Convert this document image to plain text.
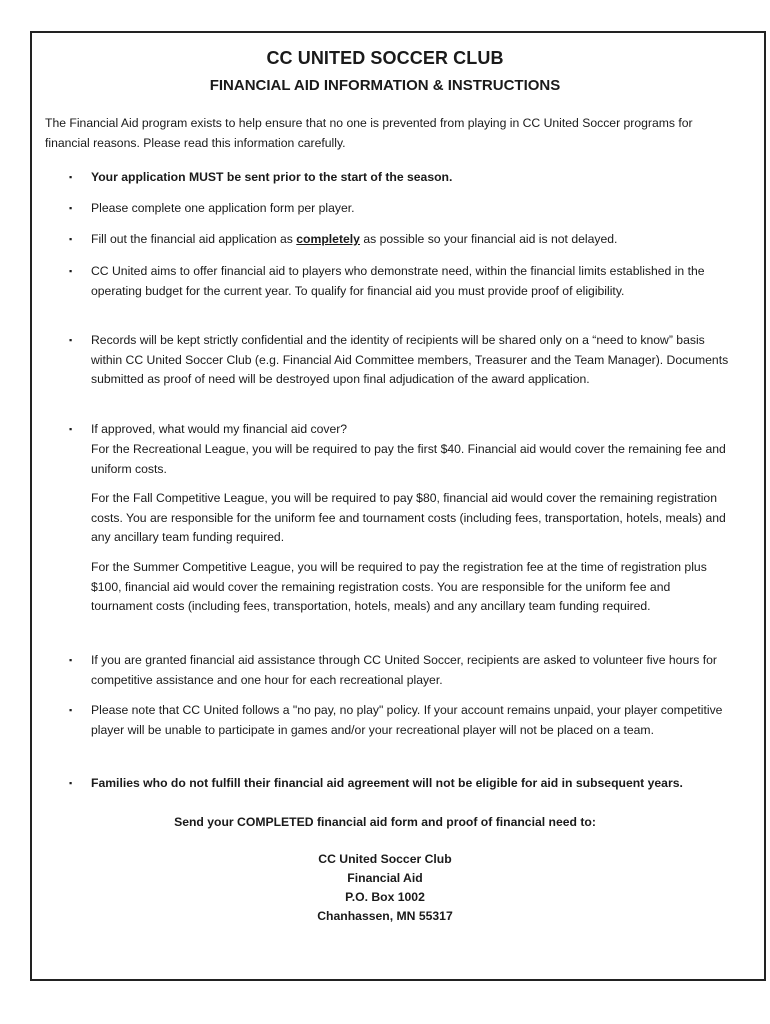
CC UNITED SOCCER CLUB
FINANCIAL AID INFORMATION & INSTRUCTIONS
The Financial Aid program exists to help ensure that no one is prevented from playing in CC United Soccer programs for financial reasons. Please read this information carefully.
▪ Your application MUST be sent prior to the start of the season.
▪ Please complete one application form per player.
▪ Fill out the financial aid application as completely as possible so your financial aid is not delayed.
▪ CC United aims to offer financial aid to players who demonstrate need, within the financial limits established in the operating budget for the current year. To qualify for financial aid you must provide proof of eligibility.
▪ Records will be kept strictly confidential and the identity of recipients will be shared only on a “need to know” basis within CC United Soccer Club (e.g. Financial Aid Committee members, Treasurer and the Team Manager). Documents submitted as proof of need will be destroyed upon final adjudication of the award application.
▪ If approved, what would my financial aid cover?
For the Recreational League, you will be required to pay the first $40. Financial aid would cover the remaining fee and uniform costs.
For the Fall Competitive League, you will be required to pay $80, financial aid would cover the remaining registration costs. You are responsible for the uniform fee and tournament costs (including fees, transportation, hotels, meals) and any ancillary team funding required.
For the Summer Competitive League, you will be required to pay the registration fee at the time of registration plus $100, financial aid would cover the remaining registration costs. You are responsible for the uniform fee and tournament costs (including fees, transportation, hotels, meals) and any ancillary team funding required.
▪ If you are granted financial aid assistance through CC United Soccer, recipients are asked to volunteer five hours for competitive assistance and one hour for each recreational player.
▪ Please note that CC United follows a "no pay, no play" policy. If your account remains unpaid, your player competitive player will be unable to participate in games and/or your recreational player will not be placed on a team.
▪ Families who do not fulfill their financial aid agreement will not be eligible for aid in subsequent years.
Send your COMPLETED financial aid form and proof of financial need to:
CC United Soccer Club
Financial Aid
P.O. Box 1002
Chanhassen, MN 55317
